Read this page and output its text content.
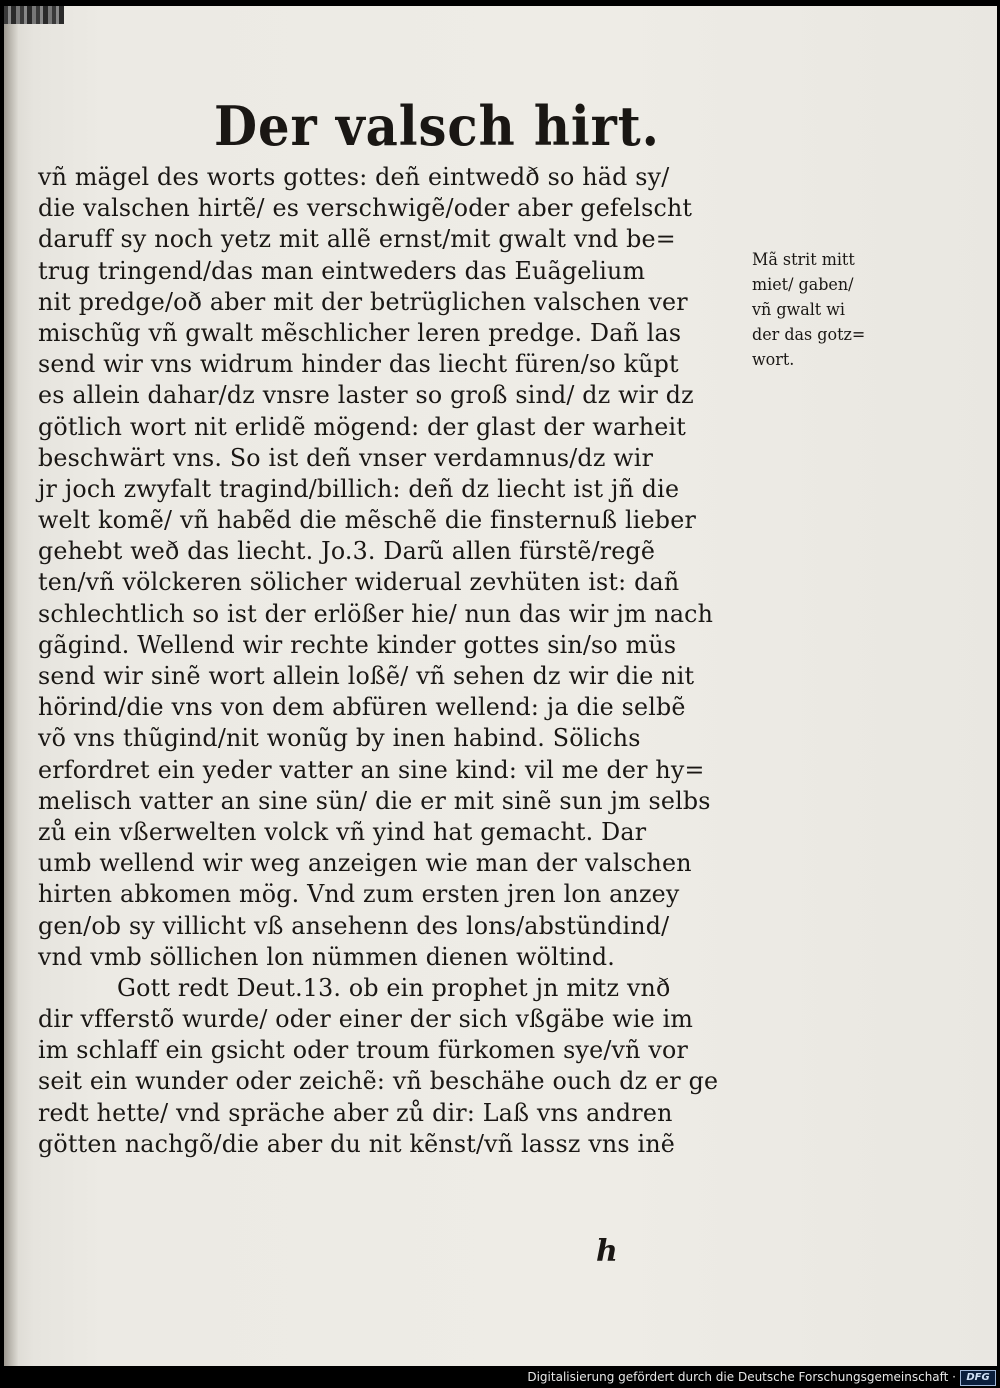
Der valsch hirt.
vñ mägel des worts gottes: deñ eintwedð so häd sy/
die valschen hirtẽ/ es verschwigẽ/oder aber gefelscht
daruff sy noch yetz mit allẽ ernst/mit gwalt vnd be=
trug tringend/das man eintweders das Euãgelium
nit predge/oð aber mit der betrüglichen valschen ver
mischũg vñ gwalt mẽschlicher leren predge. Dañ las
send wir vns widrum hinder das liecht füren/so kũpt
es allein dahar/dz vnsre laster so groß sind/ dz wir dz
götlich wort nit erlidẽ mögend: der glast der warheit
beschwärt vns. So ist deñ vnser verdamnus/dz wir
jr joch zwyfalt tragind/billich: deñ dz liecht ist jñ die
welt komẽ/ vñ habẽd die mẽschẽ die finsternuß lieber
gehebt weð das liecht. Jo.3. Darũ allen fürstẽ/regẽ
ten/vñ völckeren sölicher widerual zevhüten ist: dañ
schlechtlich so ist der erlößer hie/ nun das wir jm nach
gãgind. Wellend wir rechte kinder gottes sin/so müs
send wir sinẽ wort allein loßẽ/ vñ sehen dz wir die nit
hörind/die vns von dem abfüren wellend: ja die selbẽ
võ vns thũgind/nit wonũg by inen habind. Sölichs
erfordret ein yeder vatter an sine kind: vil me der hy=
melisch vatter an sine sün/ die er mit sinẽ sun jm selbs
zů ein vßerwelten volck vñ yind hat gemacht. Dar
umb wellend wir weg anzeigen wie man der valschen
hirten abkomen mög. Vnd zum ersten jren lon anzey
gen/ob sy villicht vß ansehenn des lons/abstündind/
vnd vmb söllichen lon nümmen dienen wöltind.
Gott redt Deut.13. ob ein prophet jn mitz vnð
dir vfferstõ wurde/ oder einer der sich vßgäbe wie im
im schlaff ein gsicht oder troum fürkomen sye/vñ vor
seit ein wunder oder zeichẽ: vñ beschähe ouch dz er ge
redt hette/ vnd spräche aber zů dir: Laß vns andren
götten nachgõ/die aber du nit kẽnst/vñ lassz vns inẽ
Mã strit mitt
miet/ gaben/
vñ gwalt wi
der das gotz=
wort.
h
Digitalisierung gefördert durch die Deutsche Forschungsgemeinschaft ·	DFG
